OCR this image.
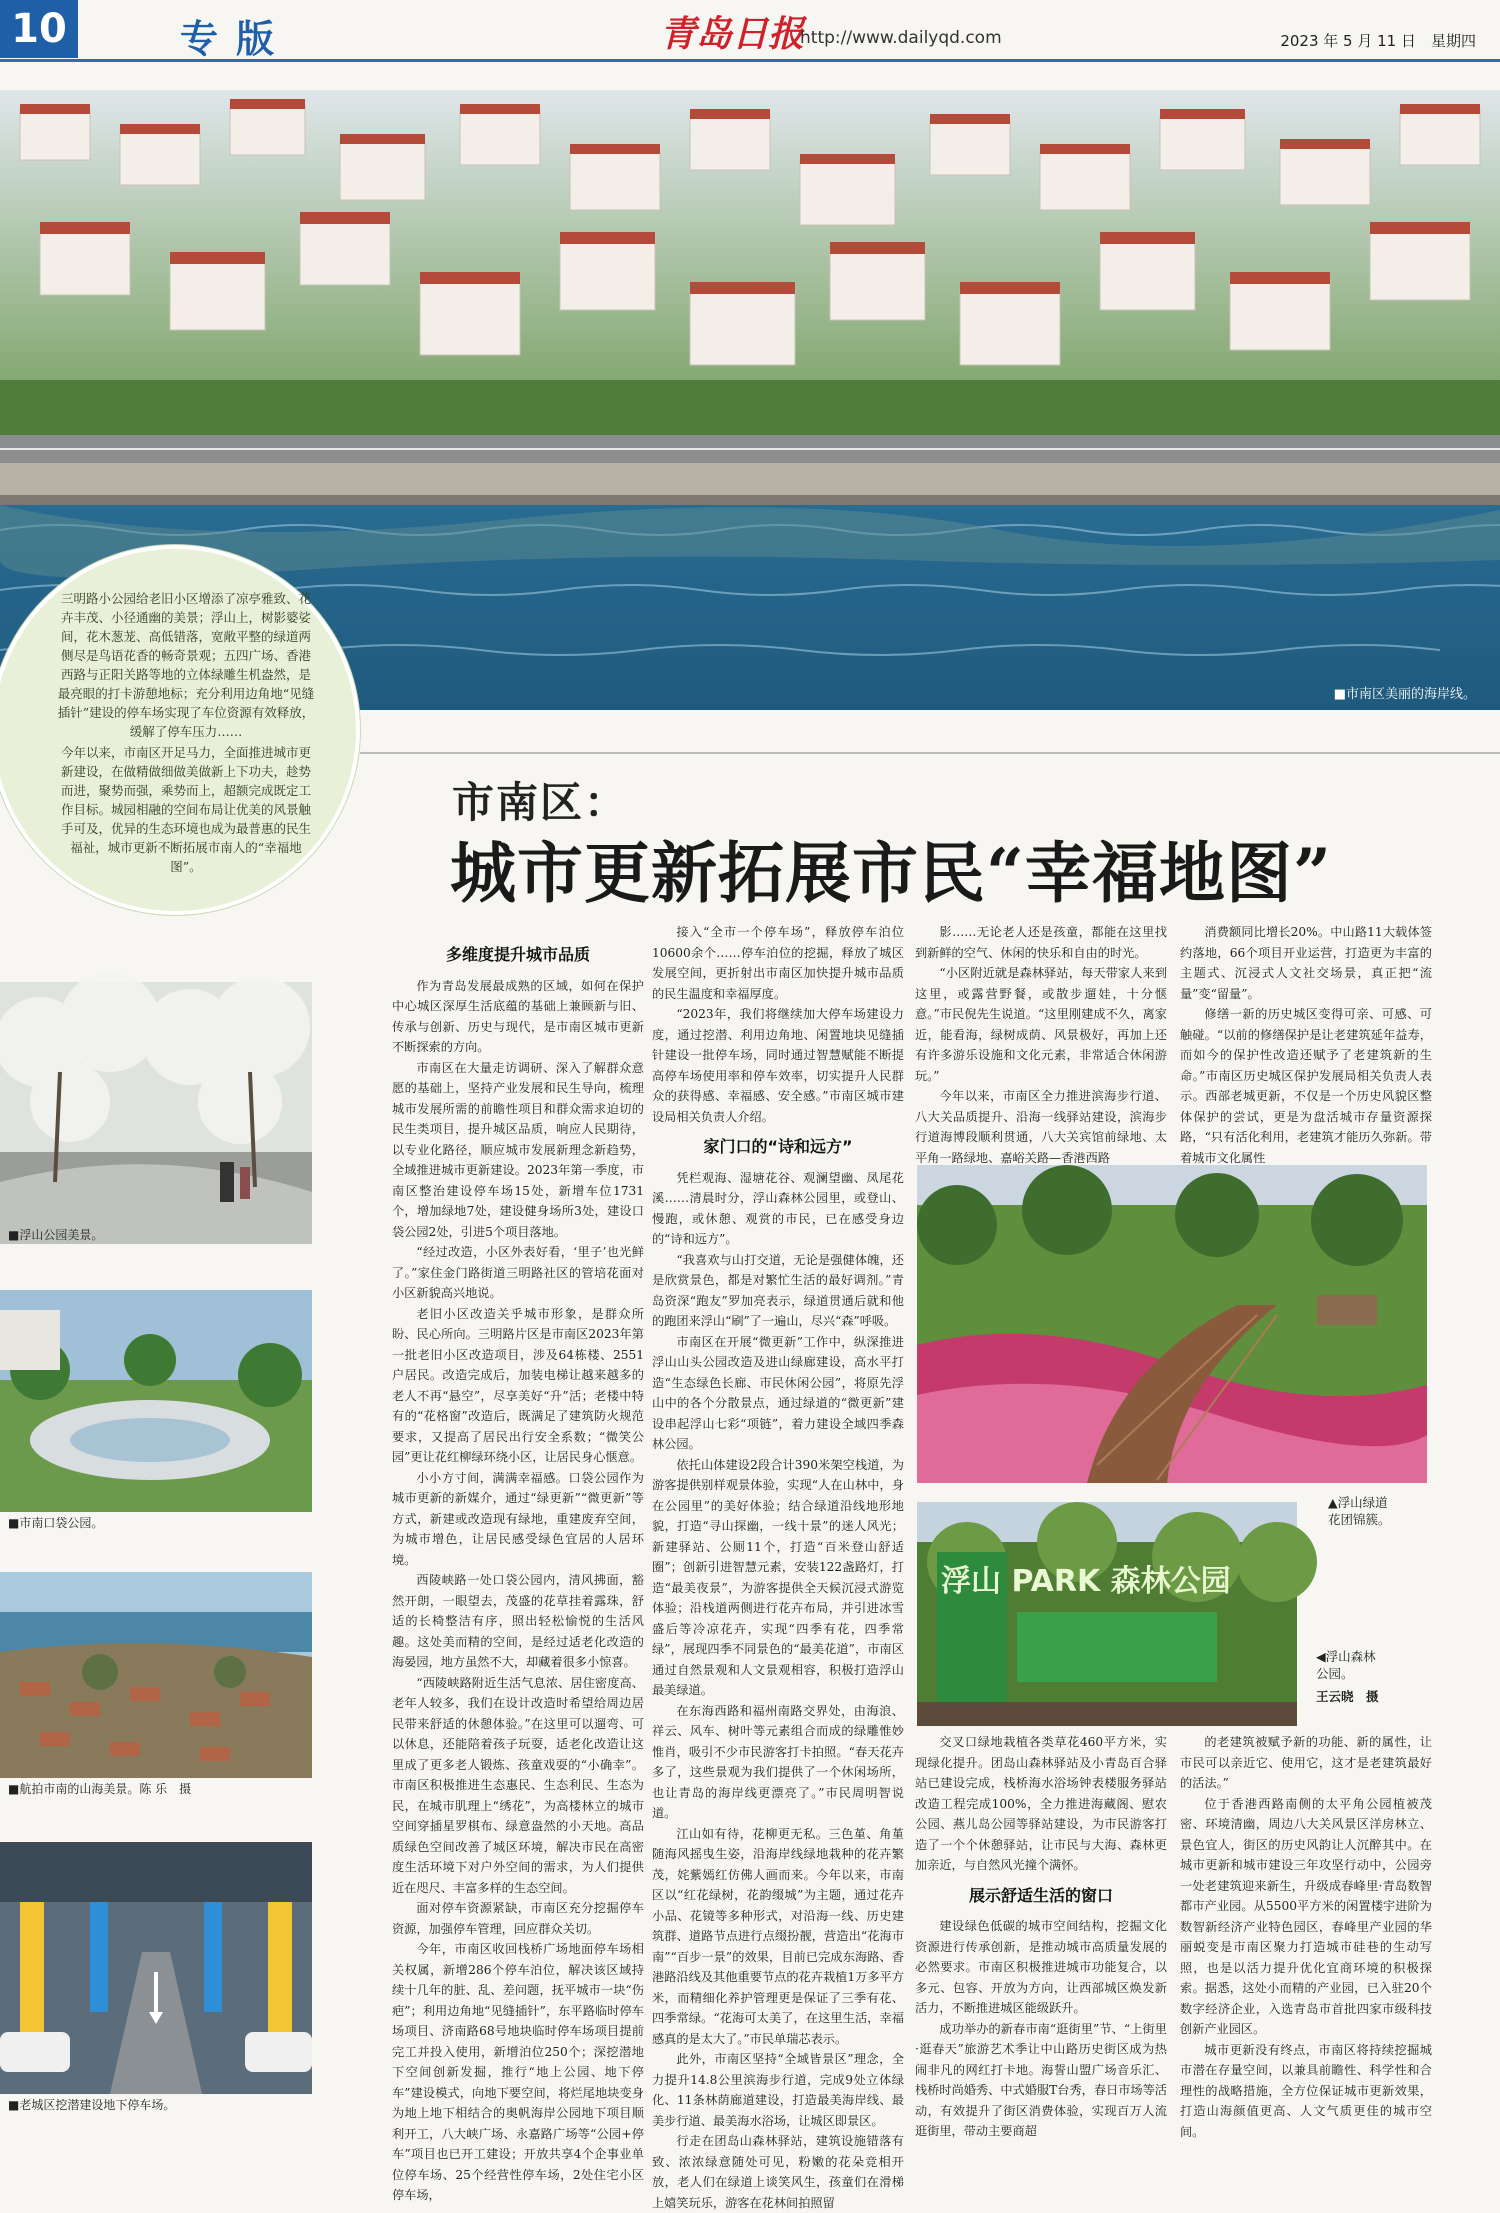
10	专版	青岛日报
http://www.dailyqd.com	2023 年 5 月 11 日　星期四
■市南区美丽的海岸线。

三明路小公园给老旧小区增添了凉亭雅致、花卉丰茂、小径通幽的美景；浮山上，树影婆娑间，花木葱茏、高低错落，宽敞平整的绿道两侧尽是鸟语花香的畅奇景观；五四广场、香港西路与正阳关路等地的立体绿雕生机盎然，是最亮眼的打卡游憩地标；充分利用边角地“见缝插针”建设的停车场实现了车位资源有效释放，缓解了停车压力……

今年以来，市南区开足马力，全面推进城市更新建设，在做精做细做美做新上下功夫，趁势而进，聚势而强，乘势而上，超额完成既定工作目标。城园相融的空间布局让优美的风景触手可及，优异的生态环境也成为最普惠的民生福祉，城市更新不断拓展市南人的“幸福地图”。

市南区：
城市更新拓展市民“幸福地图”
■浮山公园美景。
■市南口袋公园。
■航拍市南的山海美景。陈 乐　摄
■老城区挖潜建设地下停车场。
多维度提升城市品质

作为青岛发展最成熟的区域，如何在保护中心城区深厚生活底蕴的基础上兼顾新与旧、传承与创新、历史与现代，是市南区城市更新不断探索的方向。

市南区在大量走访调研、深入了解群众意愿的基础上，坚持产业发展和民生导向，梳理城市发展所需的前瞻性项目和群众需求迫切的民生类项目，提升城区品质，响应人民期待，以专业化路径，顺应城市发展新理念新趋势，全域推进城市更新建设。2023年第一季度，市南区整治建设停车场15处，新增车位1731个，增加绿地7处，建设健身场所3处，建设口袋公园2处，引进5个项目落地。

“经过改造，小区外表好看，‘里子’也光鲜了。”家住金门路街道三明路社区的管培花面对小区新貌高兴地说。

老旧小区改造关乎城市形象，是群众所盼、民心所向。三明路片区是市南区2023年第一批老旧小区改造项目，涉及64栋楼、2551户居民。改造完成后，加装电梯让越来越多的老人不再“悬空”，尽享美好“升”活；老楼中特有的“花格窗”改造后，既满足了建筑防火规范要求，又提高了居民出行安全系数；“微笑公园”更让花红柳绿环绕小区，让居民身心惬意。

小小方寸间，满满幸福感。口袋公园作为城市更新的新媒介，通过“绿更新”“微更新”等方式，新建或改造现有绿地，重建废弃空间，为城市增色，让居民感受绿色宜居的人居环境。

西陵峡路一处口袋公园内，清风拂面，豁然开朗，一眼望去，茂盛的花草挂着露珠，舒适的长椅整洁有序，照出轻松愉悦的生活风趣。这处美而精的空间，是经过适老化改造的海晏园，地方虽然不大，却藏着很多小惊喜。

“西陵峡路附近生活气息浓、居住密度高、老年人较多，我们在设计改造时希望给周边居民带来舒适的休憩体验。”在这里可以遛弯、可以休息，还能陪着孩子玩耍，适老化改造让这里成了更多老人锻炼、孩童戏耍的“小确幸”。市南区积极推进生态惠民、生态利民、生态为民，在城市肌理上“绣花”，为高楼林立的城市空间穿插星罗棋布、绿意盎然的小天地。高品质绿色空间改善了城区环境，解决市民在高密度生活环境下对户外空间的需求，为人们提供近在咫尺、丰富多样的生态空间。

面对停车资源紧缺，市南区充分挖掘停车资源，加强停车管理，回应群众关切。

今年，市南区收回栈桥广场地面停车场相关权属，新增286个停车泊位，解决该区域持续十几年的脏、乱、差问题，抚平城市一块“伤疤”；利用边角地“见缝插针”，东平路临时停车场项目、济南路68号地块临时停车场项目提前完工并投入使用，新增泊位250个；深挖潜地下空间创新发掘，推行“地上公园、地下停车”建设模式，向地下要空间，将烂尾地块变身为地上地下相结合的奥帆海岸公园地下项目顺利开工，八大峡广场、永嘉路广场等“公园+停车”项目也已开工建设；开放共享4个企事业单位停车场、25个经营性停车场，2处住宅小区停车场，

接入“全市一个停车场”，释放停车泊位10600余个……停车泊位的挖掘，释放了城区发展空间，更折射出市南区加快提升城市品质的民生温度和幸福厚度。

“2023年，我们将继续加大停车场建设力度，通过挖潜、利用边角地、闲置地块见缝插针建设一批停车场，同时通过智慧赋能不断提高停车场使用率和停车效率，切实提升人民群众的获得感、幸福感、安全感。”市南区城市建设局相关负责人介绍。

家门口的“诗和远方”

凭栏观海、湿塘花谷、观澜望幽、凤尾花溪……清晨时分，浮山森林公园里，或登山、慢跑，或休憩、观赏的市民，已在感受身边的“诗和远方”。

“我喜欢与山打交道，无论是强健体魄，还是欣赏景色，都是对繁忙生活的最好调剂。”青岛资深“跑友”罗加亮表示，绿道贯通后就和他的跑团来浮山“刷”了一遍山，尽兴“森”呼吸。

市南区在开展“微更新”工作中，纵深推进浮山山头公园改造及进山绿廊建设，高水平打造“生态绿色长廊、市民休闲公园”，将原先浮山中的各个分散景点，通过绿道的“微更新”建设串起浮山七彩“项链”，着力建设全域四季森林公园。

依托山体建设2段合计390米架空栈道，为游客提供别样观景体验，实现“人在山林中，身在公园里”的美好体验；结合绿道沿线地形地貌，打造“寻山探幽，一线十景”的迷人风光；新建驿站、公厕11个，打造“百米登山舒适圈”；创新引进智慧元素，安装122盏路灯，打造“最美夜景”，为游客提供全天候沉浸式游览体验；沿栈道两侧进行花卉布局，并引进冰雪盛后等冷凉花卉，实现“四季有花，四季常绿”，展现四季不同景色的“最美花道”，市南区通过自然景观和人文景观相容，积极打造浮山最美绿道。

在东海西路和福州南路交界处，由海浪、祥云、风车、树叶等元素组合而成的绿雕惟妙惟肖，吸引不少市民游客打卡拍照。“春天花卉多了，这些景观为我们提供了一个休闲场所，也让青岛的海岸线更漂亮了。”市民周明智说道。

江山如有待，花柳更无私。三色堇、角堇随海风摇曳生姿，沿海岸线绿地栽种的花卉繁茂，姹紫嫣红仿佛人画而来。今年以来，市南区以“红花绿树，花韵缀城”为主题，通过花卉小品、花镜等多种形式，对沿海一线、历史建筑群、道路节点进行点缀扮靓，营造出“花海市南”“百步一景”的效果，目前已完成东海路、香港路沿线及其他重要节点的花卉栽植1万多平方米，而精细化养护管理更是保证了三季有花、四季常绿。“花海可太美了，在这里生活，幸福感真的是太大了。”市民单瑞芯表示。

此外，市南区坚持“全域皆景区”理念，全力提升14.8公里滨海步行道，完成9处立体绿化、11条林荫廊道建设，打造最美海岸线、最美步行道、最美海水浴场，让城区即景区。

行走在团岛山森林驿站，建筑设施错落有致、浓浓绿意随处可见，粉嫩的花朵竞相开放，老人们在绿道上谈笑风生，孩童们在滑梯上嬉笑玩乐，游客在花林间拍照留

影……无论老人还是孩童，都能在这里找到新鲜的空气、休闲的快乐和自由的时光。

“小区附近就是森林驿站，每天带家人来到这里，或露营野餐，或散步遛娃，十分惬意。”市民倪先生说道。“这里刚建成不久，离家近，能看海，绿树成荫、风景极好，再加上还有许多游乐设施和文化元素，非常适合休闲游玩。”

今年以来，市南区全力推进滨海步行道、八大关品质提升、沿海一线驿站建设，滨海步行道海博段顺利贯通，八大关宾馆前绿地、太平角一路绿地、嘉峪关路—香港西路

消费额同比增长20%。中山路11大载体签约落地，66个项目开业运营，打造更为丰富的主题式、沉浸式人文社交场景，真正把“流量”变“留量”。

修缮一新的历史城区变得可亲、可感、可触碰。“以前的修缮保护是让老建筑延年益寿，而如今的保护性改造还赋予了老建筑新的生命。”市南区历史城区保护发展局相关负责人表示。西部老城更新，不仅是一个历史风貌区整体保护的尝试，更是为盘活城市存量资源探路，“只有活化利用，老建筑才能历久弥新。带着城市文化属性

▲浮山绿道
花团锦簇。
浮山 PARK 森林公园
◀浮山森林
公园。
王云晓　摄

交叉口绿地栽植各类草花460平方米，实现绿化提升。团岛山森林驿站及小青岛百合驿站已建设完成，栈桥海水浴场钟表楼服务驿站改造工程完成100%，全力推进海藏阁、慰农公园、燕儿岛公园等驿站建设，为市民游客打造了一个个休憩驿站，让市民与大海、森林更加亲近，与自然风光撞个满怀。

展示舒适生活的窗口

建设绿色低碳的城市空间结构，挖掘文化资源进行传承创新，是推动城市高质量发展的必然要求。市南区积极推进城市功能复合，以多元、包容、开放为方向，让西部城区焕发新活力，不断推进城区能级跃升。

成功举办的新春市南“逛街里”节、“上街里·逛春天”旅游艺术季让中山路历史街区成为热闹非凡的网红打卡地。海誓山盟广场音乐汇、栈桥时尚婚秀、中式婚服T台秀，春日市场等活动，有效提升了街区消费体验，实现百万人流逛街里，带动主要商超

的老建筑被赋予新的功能、新的属性，让市民可以亲近它、使用它，这才是老建筑最好的活法。”

位于香港西路南侧的太平角公园植被茂密、环境清幽，周边八大关风景区洋房林立、景色宜人，街区的历史风韵让人沉醉其中。在城市更新和城市建设三年攻坚行动中，公园旁一处老建筑迎来新生，升级成春峰里·青岛数智都市产业园。从5500平方米的闲置楼宇进阶为数智新经济产业特色园区，春峰里产业园的华丽蜕变是市南区聚力打造城市硅巷的生动写照，也是以活力提升优化宜商环境的积极探索。据悉，这处小而精的产业园，已入驻20个数字经济企业，入选青岛市首批四家市级科技创新产业园区。

城市更新没有终点，市南区将持续挖掘城市潜在存量空间，以兼具前瞻性、科学性和合理性的战略措施，全方位保证城市更新效果，打造山海颜值更高、人文气质更佳的城市空间。
